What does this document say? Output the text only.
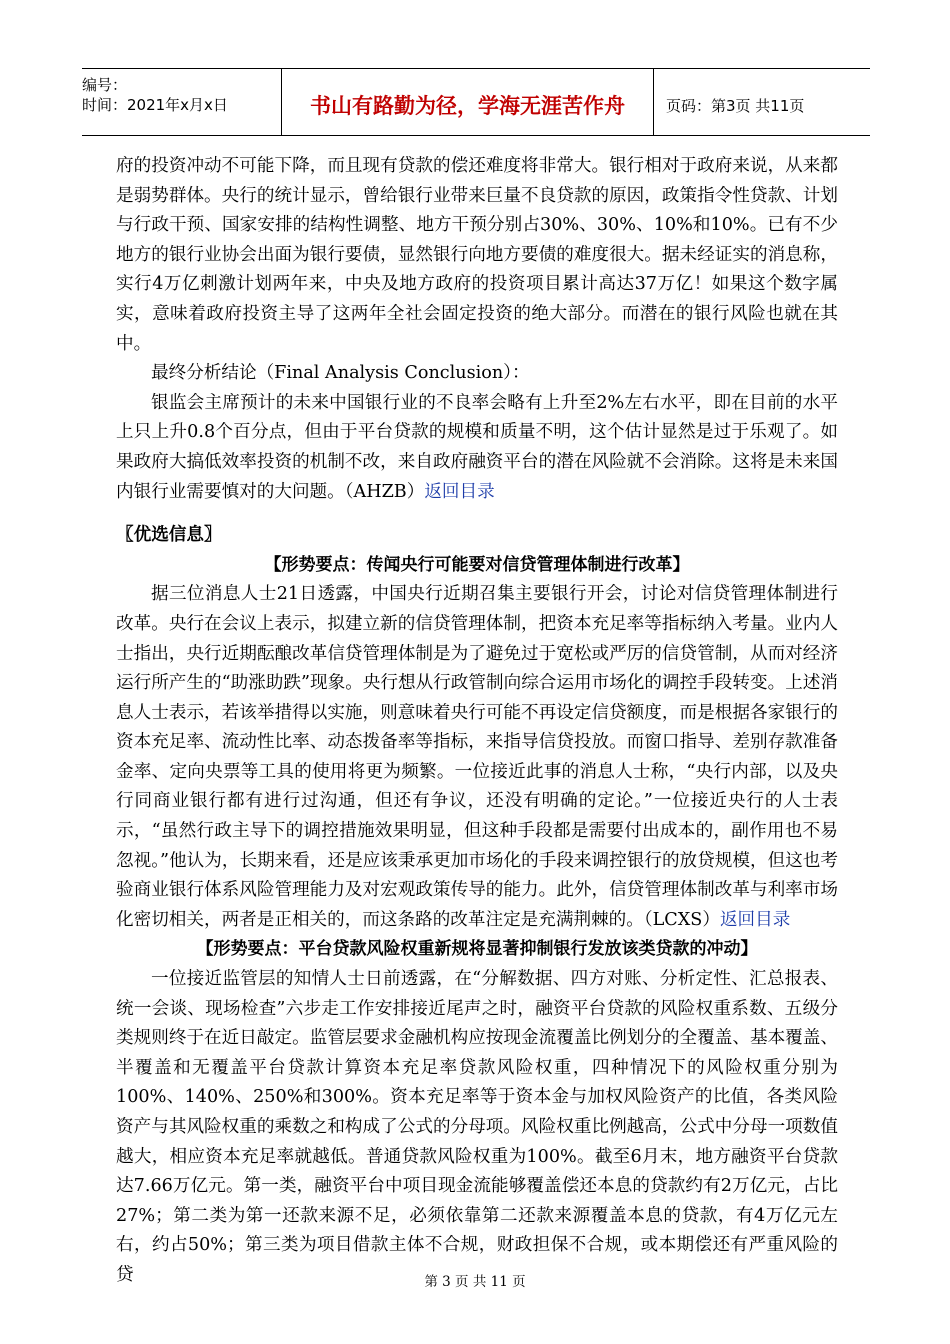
编号：
时间：2021年x月x日	书山有路勤为径，学海无涯苦作舟	页码：第3页 共11页

府的投资冲动不可能下降，而且现有贷款的偿还难度将非常大。银行相对于政府来说，从来都是弱势群体。央行的统计显示，曾给银行业带来巨量不良贷款的原因，政策指令性贷款、计划与行政干预、国家安排的结构性调整、地方干预分别占30%、30%、10%和10%。已有不少地方的银行业协会出面为银行要债，显然银行向地方要债的难度很大。据未经证实的消息称，实行4万亿刺激计划两年来，中央及地方政府的投资项目累计高达37万亿！如果这个数字属实，意味着政府投资主导了这两年全社会固定投资的绝大部分。而潜在的银行风险也就在其中。

最终分析结论（Final Analysis Conclusion）：

银监会主席预计的未来中国银行业的不良率会略有上升至2%左右水平，即在目前的水平上只上升0.8个百分点，但由于平台贷款的规模和质量不明，这个估计显然是过于乐观了。如果政府大搞低效率投资的机制不改，来自政府融资平台的潜在风险就不会消除。这将是未来国内银行业需要慎对的大问题。（AHZB）返回目录

〖优选信息〗

【形势要点：传闻央行可能要对信贷管理体制进行改革】

据三位消息人士21日透露，中国央行近期召集主要银行开会，讨论对信贷管理体制进行改革。央行在会议上表示，拟建立新的信贷管理体制，把资本充足率等指标纳入考量。业内人士指出，央行近期酝酿改革信贷管理体制是为了避免过于宽松或严厉的信贷管制，从而对经济运行所产生的“助涨助跌”现象。央行想从行政管制向综合运用市场化的调控手段转变。上述消息人士表示，若该举措得以实施，则意味着央行可能不再设定信贷额度，而是根据各家银行的资本充足率、流动性比率、动态拨备率等指标，来指导信贷投放。而窗口指导、差别存款准备金率、定向央票等工具的使用将更为频繁。一位接近此事的消息人士称，“央行内部，以及央行同商业银行都有进行过沟通，但还有争议，还没有明确的定论。”一位接近央行的人士表示，“虽然行政主导下的调控措施效果明显，但这种手段都是需要付出成本的，副作用也不易忽视。”他认为，长期来看，还是应该秉承更加市场化的手段来调控银行的放贷规模，但这也考验商业银行体系风险管理能力及对宏观政策传导的能力。此外，信贷管理体制改革与利率市场化密切相关，两者是正相关的，而这条路的改革注定是充满荆棘的。（LCXS）返回目录

【形势要点：平台贷款风险权重新规将显著抑制银行发放该类贷款的冲动】

一位接近监管层的知情人士日前透露，在“分解数据、四方对账、分析定性、汇总报表、统一会谈、现场检查”六步走工作安排接近尾声之时，融资平台贷款的风险权重系数、五级分类规则终于在近日敲定。监管层要求金融机构应按现金流覆盖比例划分的全覆盖、基本覆盖、半覆盖和无覆盖平台贷款计算资本充足率贷款风险权重，四种情况下的风险权重分别为100%、140%、250%和300%。资本充足率等于资本金与加权风险资产的比值，各类风险资产与其风险权重的乘数之和构成了公式的分母项。风险权重比例越高，公式中分母一项数值越大，相应资本充足率就越低。普通贷款风险权重为100%。截至6月末，地方融资平台贷款达7.66万亿元。第一类，融资平台中项目现金流能够覆盖偿还本息的贷款约有2万亿元，占比27%；第二类为第一还款来源不足，必须依靠第二还款来源覆盖本息的贷款，有4万亿元左右，约占50%；第三类为项目借款主体不合规，财政担保不合规，或本期偿还有严重风险的贷	第 3 页 共 11 页
